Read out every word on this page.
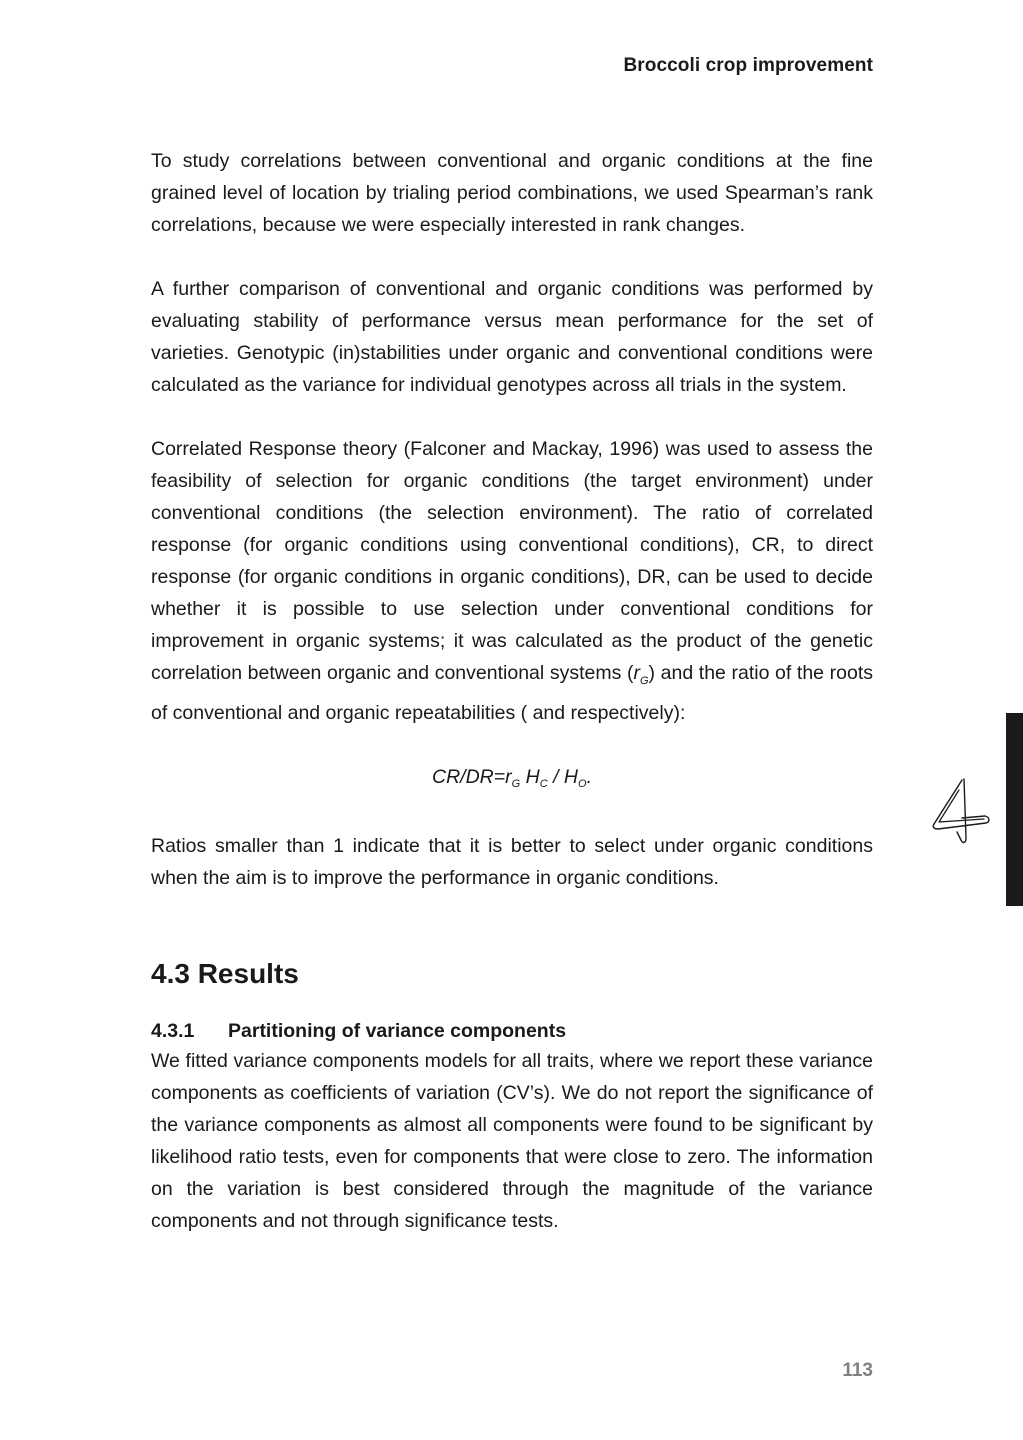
Broccoli crop improvement

To study correlations between conventional and organic conditions at the fine grained level of location by trialing period combinations, we used Spearman’s rank correlations, because we were especially interested in rank changes.

A further comparison of conventional and organic conditions was performed by evaluating stability of performance versus mean performance for the set of varieties. Genotypic (in)stabilities under organic and conventional conditions were calculated as the variance for individual genotypes across all trials in the system.

Correlated Response theory (Falconer and Mackay, 1996) was used to assess the feasibility of selection for organic conditions (the target environment) under conventional conditions (the selection environment). The ratio of correlated response (for organic conditions using conventional conditions), CR, to direct response (for organic conditions in organic conditions), DR, can be used to decide whether it is possible to use selection under conventional conditions for improvement in organic systems; it was calculated as the product of the genetic correlation between organic and conventional systems $(r_G)$ and the ratio of the roots of conventional and organic repeatabilities ( and respectively):

$CR/DR=r_G$ $H_C / H_O$.

Ratios smaller than 1 indicate that it is better to select under organic conditions when the aim is to improve the performance in organic conditions.

4.3 Results
4.3.1 Partitioning of variance components

We fitted variance components models for all traits, where we report these variance components as coefficients of variation (CV’s). We do not report the significance of the variance components as almost all components were found to be significant by likelihood ratio tests, even for components that were close to zero. The information on the variation is best considered through the magnitude of the variance components and not through significance tests.

113
